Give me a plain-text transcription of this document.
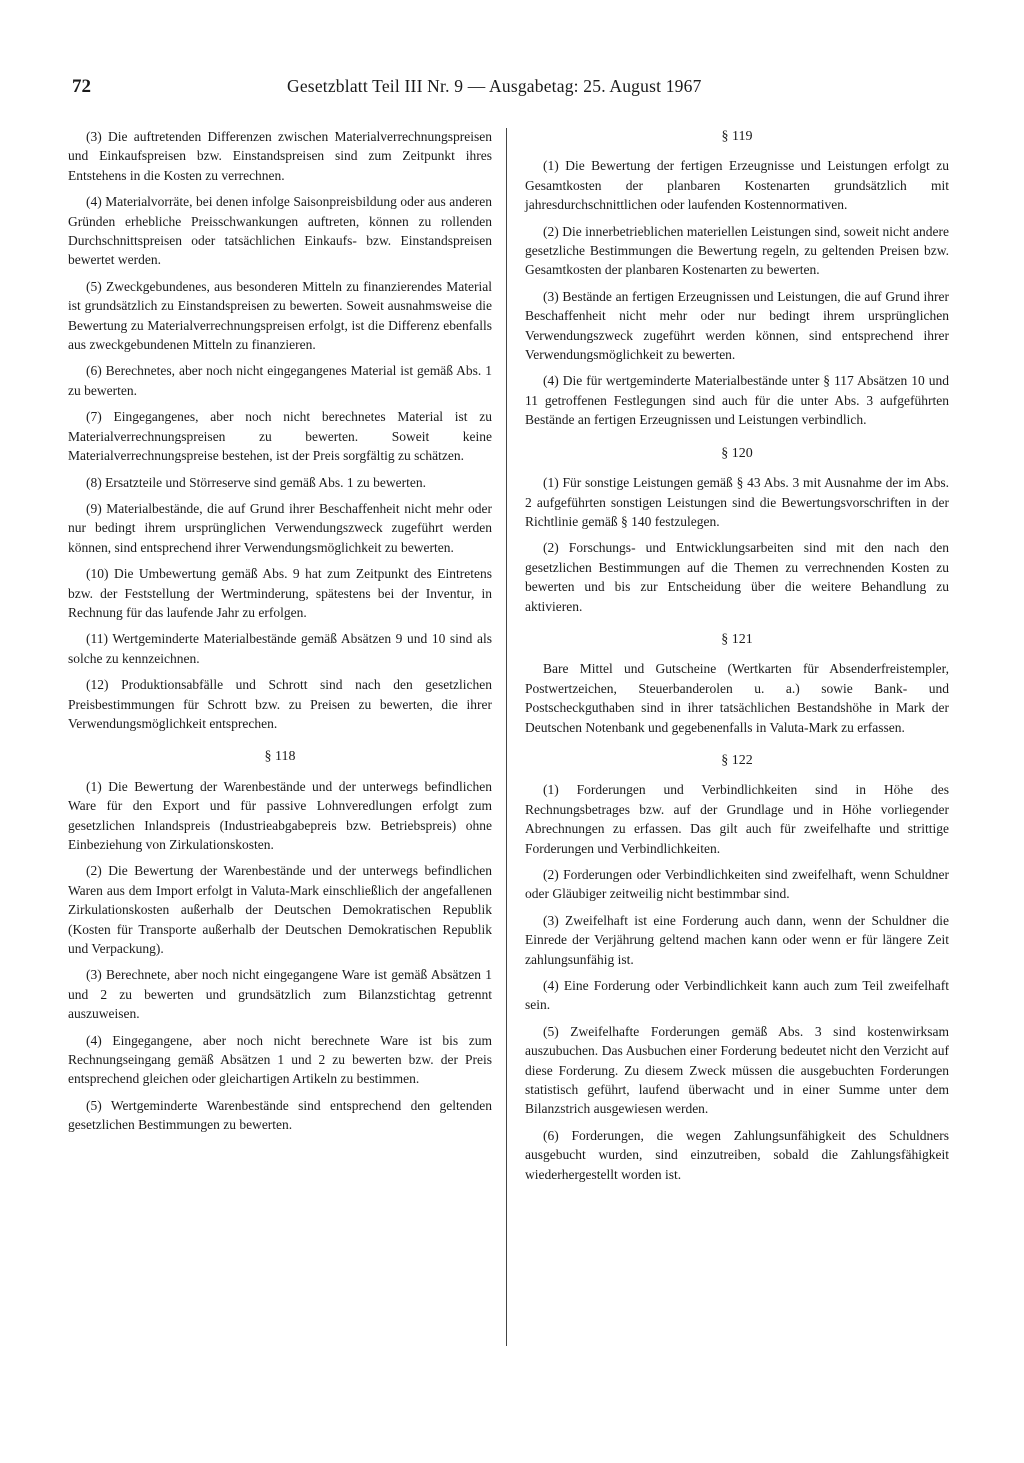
72	Gesetzblatt Teil III Nr. 9 — Ausgabetag: 25. August 1967

(3) Die auftretenden Differenzen zwischen Materialverrechnungspreisen und Einkaufspreisen bzw. Einstandspreisen sind zum Zeitpunkt ihres Entstehens in die Kosten zu verrechnen.

(4) Materialvorräte, bei denen infolge Saisonpreisbildung oder aus anderen Gründen erhebliche Preisschwankungen auftreten, können zu rollenden Durchschnittspreisen oder tatsächlichen Einkaufs- bzw. Einstandspreisen bewertet werden.

(5) Zweckgebundenes, aus besonderen Mitteln zu finanzierendes Material ist grundsätzlich zu Einstandspreisen zu bewerten. Soweit ausnahmsweise die Bewertung zu Materialverrechnungspreisen erfolgt, ist die Differenz ebenfalls aus zweckgebundenen Mitteln zu finanzieren.

(6) Berechnetes, aber noch nicht eingegangenes Material ist gemäß Abs. 1 zu bewerten.

(7) Eingegangenes, aber noch nicht berechnetes Material ist zu Materialverrechnungspreisen zu bewerten. Soweit keine Materialverrechnungspreise bestehen, ist der Preis sorgfältig zu schätzen.

(8) Ersatzteile und Störreserve sind gemäß Abs. 1 zu bewerten.

(9) Materialbestände, die auf Grund ihrer Beschaffenheit nicht mehr oder nur bedingt ihrem ursprünglichen Verwendungszweck zugeführt werden können, sind entsprechend ihrer Verwendungsmöglichkeit zu bewerten.

(10) Die Umbewertung gemäß Abs. 9 hat zum Zeitpunkt des Eintretens bzw. der Feststellung der Wertminderung, spätestens bei der Inventur, in Rechnung für das laufende Jahr zu erfolgen.

(11) Wertgeminderte Materialbestände gemäß Absätzen 9 und 10 sind als solche zu kennzeichnen.

(12) Produktionsabfälle und Schrott sind nach den gesetzlichen Preisbestimmungen für Schrott bzw. zu Preisen zu bewerten, die ihrer Verwendungsmöglichkeit entsprechen.

§ 118

(1) Die Bewertung der Warenbestände und der unterwegs befindlichen Ware für den Export und für passive Lohnveredlungen erfolgt zum gesetzlichen Inlandspreis (Industrieabgabepreis bzw. Betriebspreis) ohne Einbeziehung von Zirkulationskosten.

(2) Die Bewertung der Warenbestände und der unterwegs befindlichen Waren aus dem Import erfolgt in Valuta-Mark einschließlich der angefallenen Zirkulationskosten außerhalb der Deutschen Demokratischen Republik (Kosten für Transporte außerhalb der Deutschen Demokratischen Republik und Verpackung).

(3) Berechnete, aber noch nicht eingegangene Ware ist gemäß Absätzen 1 und 2 zu bewerten und grundsätzlich zum Bilanzstichtag getrennt auszuweisen.

(4) Eingegangene, aber noch nicht berechnete Ware ist bis zum Rechnungseingang gemäß Absätzen 1 und 2 zu bewerten bzw. der Preis entsprechend gleichen oder gleichartigen Artikeln zu bestimmen.

(5) Wertgeminderte Warenbestände sind entsprechend den geltenden gesetzlichen Bestimmungen zu bewerten.

§ 119

(1) Die Bewertung der fertigen Erzeugnisse und Leistungen erfolgt zu Gesamtkosten der planbaren Kostenarten grundsätzlich mit jahresdurchschnittlichen oder laufenden Kostennormativen.

(2) Die innerbetrieblichen materiellen Leistungen sind, soweit nicht andere gesetzliche Bestimmungen die Bewertung regeln, zu geltenden Preisen bzw. Gesamtkosten der planbaren Kostenarten zu bewerten.

(3) Bestände an fertigen Erzeugnissen und Leistungen, die auf Grund ihrer Beschaffenheit nicht mehr oder nur bedingt ihrem ursprünglichen Verwendungszweck zugeführt werden können, sind entsprechend ihrer Verwendungsmöglichkeit zu bewerten.

(4) Die für wertgeminderte Materialbestände unter § 117 Absätzen 10 und 11 getroffenen Festlegungen sind auch für die unter Abs. 3 aufgeführten Bestände an fertigen Erzeugnissen und Leistungen verbindlich.

§ 120

(1) Für sonstige Leistungen gemäß § 43 Abs. 3 mit Ausnahme der im Abs. 2 aufgeführten sonstigen Leistungen sind die Bewertungsvorschriften in der Richtlinie gemäß § 140 festzulegen.

(2) Forschungs- und Entwicklungsarbeiten sind mit den nach den gesetzlichen Bestimmungen auf die Themen zu verrechnenden Kosten zu bewerten und bis zur Entscheidung über die weitere Behandlung zu aktivieren.

§ 121

Bare Mittel und Gutscheine (Wertkarten für Absenderfreistempler, Postwertzeichen, Steuerbanderolen u. a.) sowie Bank- und Postscheckguthaben sind in ihrer tatsächlichen Bestandshöhe in Mark der Deutschen Notenbank und gegebenenfalls in Valuta-Mark zu erfassen.

§ 122

(1) Forderungen und Verbindlichkeiten sind in Höhe des Rechnungsbetrages bzw. auf der Grundlage und in Höhe vorliegender Abrechnungen zu erfassen. Das gilt auch für zweifelhafte und strittige Forderungen und Verbindlichkeiten.

(2) Forderungen oder Verbindlichkeiten sind zweifelhaft, wenn Schuldner oder Gläubiger zeitweilig nicht bestimmbar sind.

(3) Zweifelhaft ist eine Forderung auch dann, wenn der Schuldner die Einrede der Verjährung geltend machen kann oder wenn er für längere Zeit zahlungsunfähig ist.

(4) Eine Forderung oder Verbindlichkeit kann auch zum Teil zweifelhaft sein.

(5) Zweifelhafte Forderungen gemäß Abs. 3 sind kostenwirksam auszubuchen. Das Ausbuchen einer Forderung bedeutet nicht den Verzicht auf diese Forderung. Zu diesem Zweck müssen die ausgebuchten Forderungen statistisch geführt, laufend überwacht und in einer Summe unter dem Bilanzstrich ausgewiesen werden.

(6) Forderungen, die wegen Zahlungsunfähigkeit des Schuldners ausgebucht wurden, sind einzutreiben, sobald die Zahlungsfähigkeit wiederhergestellt worden ist.
